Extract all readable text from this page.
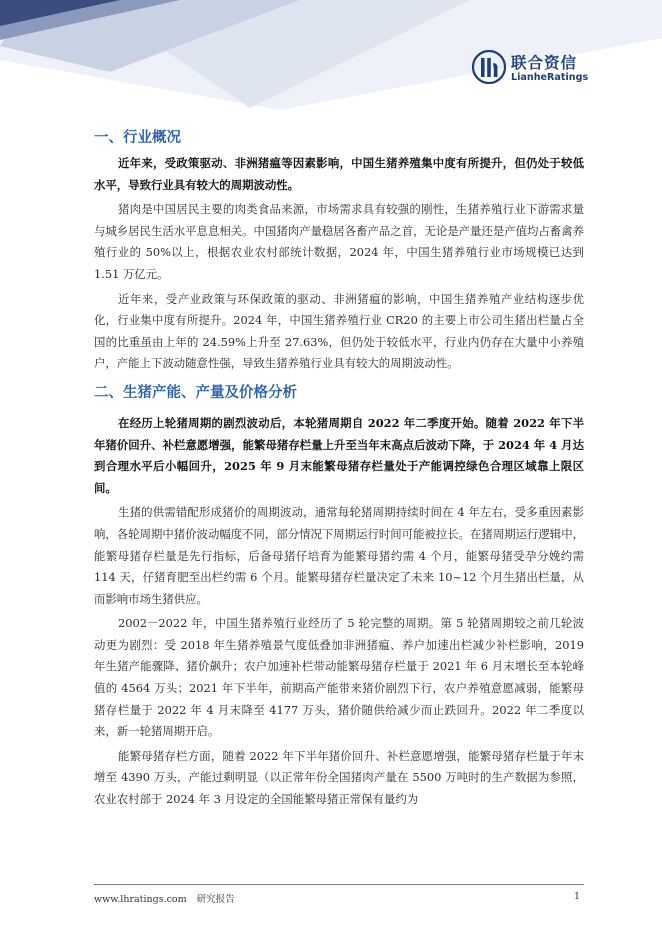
联合资信
LianheRatings
一、行业概况

近年来，受政策驱动、非洲猪瘟等因素影响，中国生猪养殖集中度有所提升，但仍处于较低水平，导致行业具有较大的周期波动性。

猪肉是中国居民主要的肉类食品来源，市场需求具有较强的刚性，生猪养殖行业下游需求量与城乡居民生活水平息息相关。中国猪肉产量稳居各畜产品之首，无论是产量还是产值均占畜禽养殖行业的 50%以上，根据农业农村部统计数据，2024 年，中国生猪养殖行业市场规模已达到 1.51 万亿元。

近年来，受产业政策与环保政策的驱动、非洲猪瘟的影响，中国生猪养殖产业结构逐步优化，行业集中度有所提升。2024 年，中国生猪养殖行业 CR20 的主要上市公司生猪出栏量占全国的比重虽由上年的 24.59%上升至 27.63%，但仍处于较低水平，行业内仍存在大量中小养殖户，产能上下波动随意性强，导致生猪养殖行业具有较大的周期波动性。

二、生猪产能、产量及价格分析

在经历上轮猪周期的剧烈波动后，本轮猪周期自 2022 年二季度开始。随着 2022 年下半年猪价回升、补栏意愿增强，能繁母猪存栏量上升至当年末高点后波动下降，于 2024 年 4 月达到合理水平后小幅回升，2025 年 9 月末能繁母猪存栏量处于产能调控绿色合理区域靠上限区间。

生猪的供需错配形成猪价的周期波动，通常每轮猪周期持续时间在 4 年左右，受多重因素影响，各轮周期中猪价波动幅度不同，部分情况下周期运行时间可能被拉长。在猪周期运行逻辑中，能繁母猪存栏量是先行指标，后备母猪仔培育为能繁母猪约需 4 个月，能繁母猪受孕分娩约需 114 天，仔猪育肥至出栏约需 6 个月。能繁母猪存栏量决定了未来 10~12 个月生猪出栏量，从而影响市场生猪供应。

2002－2022 年，中国生猪养殖行业经历了 5 轮完整的周期。第 5 轮猪周期较之前几轮波动更为剧烈：受 2018 年生猪养殖景气度低叠加非洲猪瘟、养户加速出栏减少补栏影响，2019 年生猪产能骤降、猪价飙升；农户加速补栏带动能繁母猪存栏量于 2021 年 6 月末增长至本轮峰值的 4564 万头；2021 年下半年，前期高产能带来猪价剧烈下行，农户养殖意愿减弱，能繁母猪存栏量于 2022 年 4 月末降至 4177 万头，猪价随供给减少而止跌回升。2022 年二季度以来，新一轮猪周期开启。

能繁母猪存栏方面，随着 2022 年下半年猪价回升、补栏意愿增强，能繁母猪存栏量于年末增至 4390 万头，产能过剩明显（以正常年份全国猪肉产量在 5500 万吨时的生产数据为参照，农业农村部于 2024 年 3 月设定的全国能繁母猪正常保有量约为

www.lhratings.com 研究报告	1
